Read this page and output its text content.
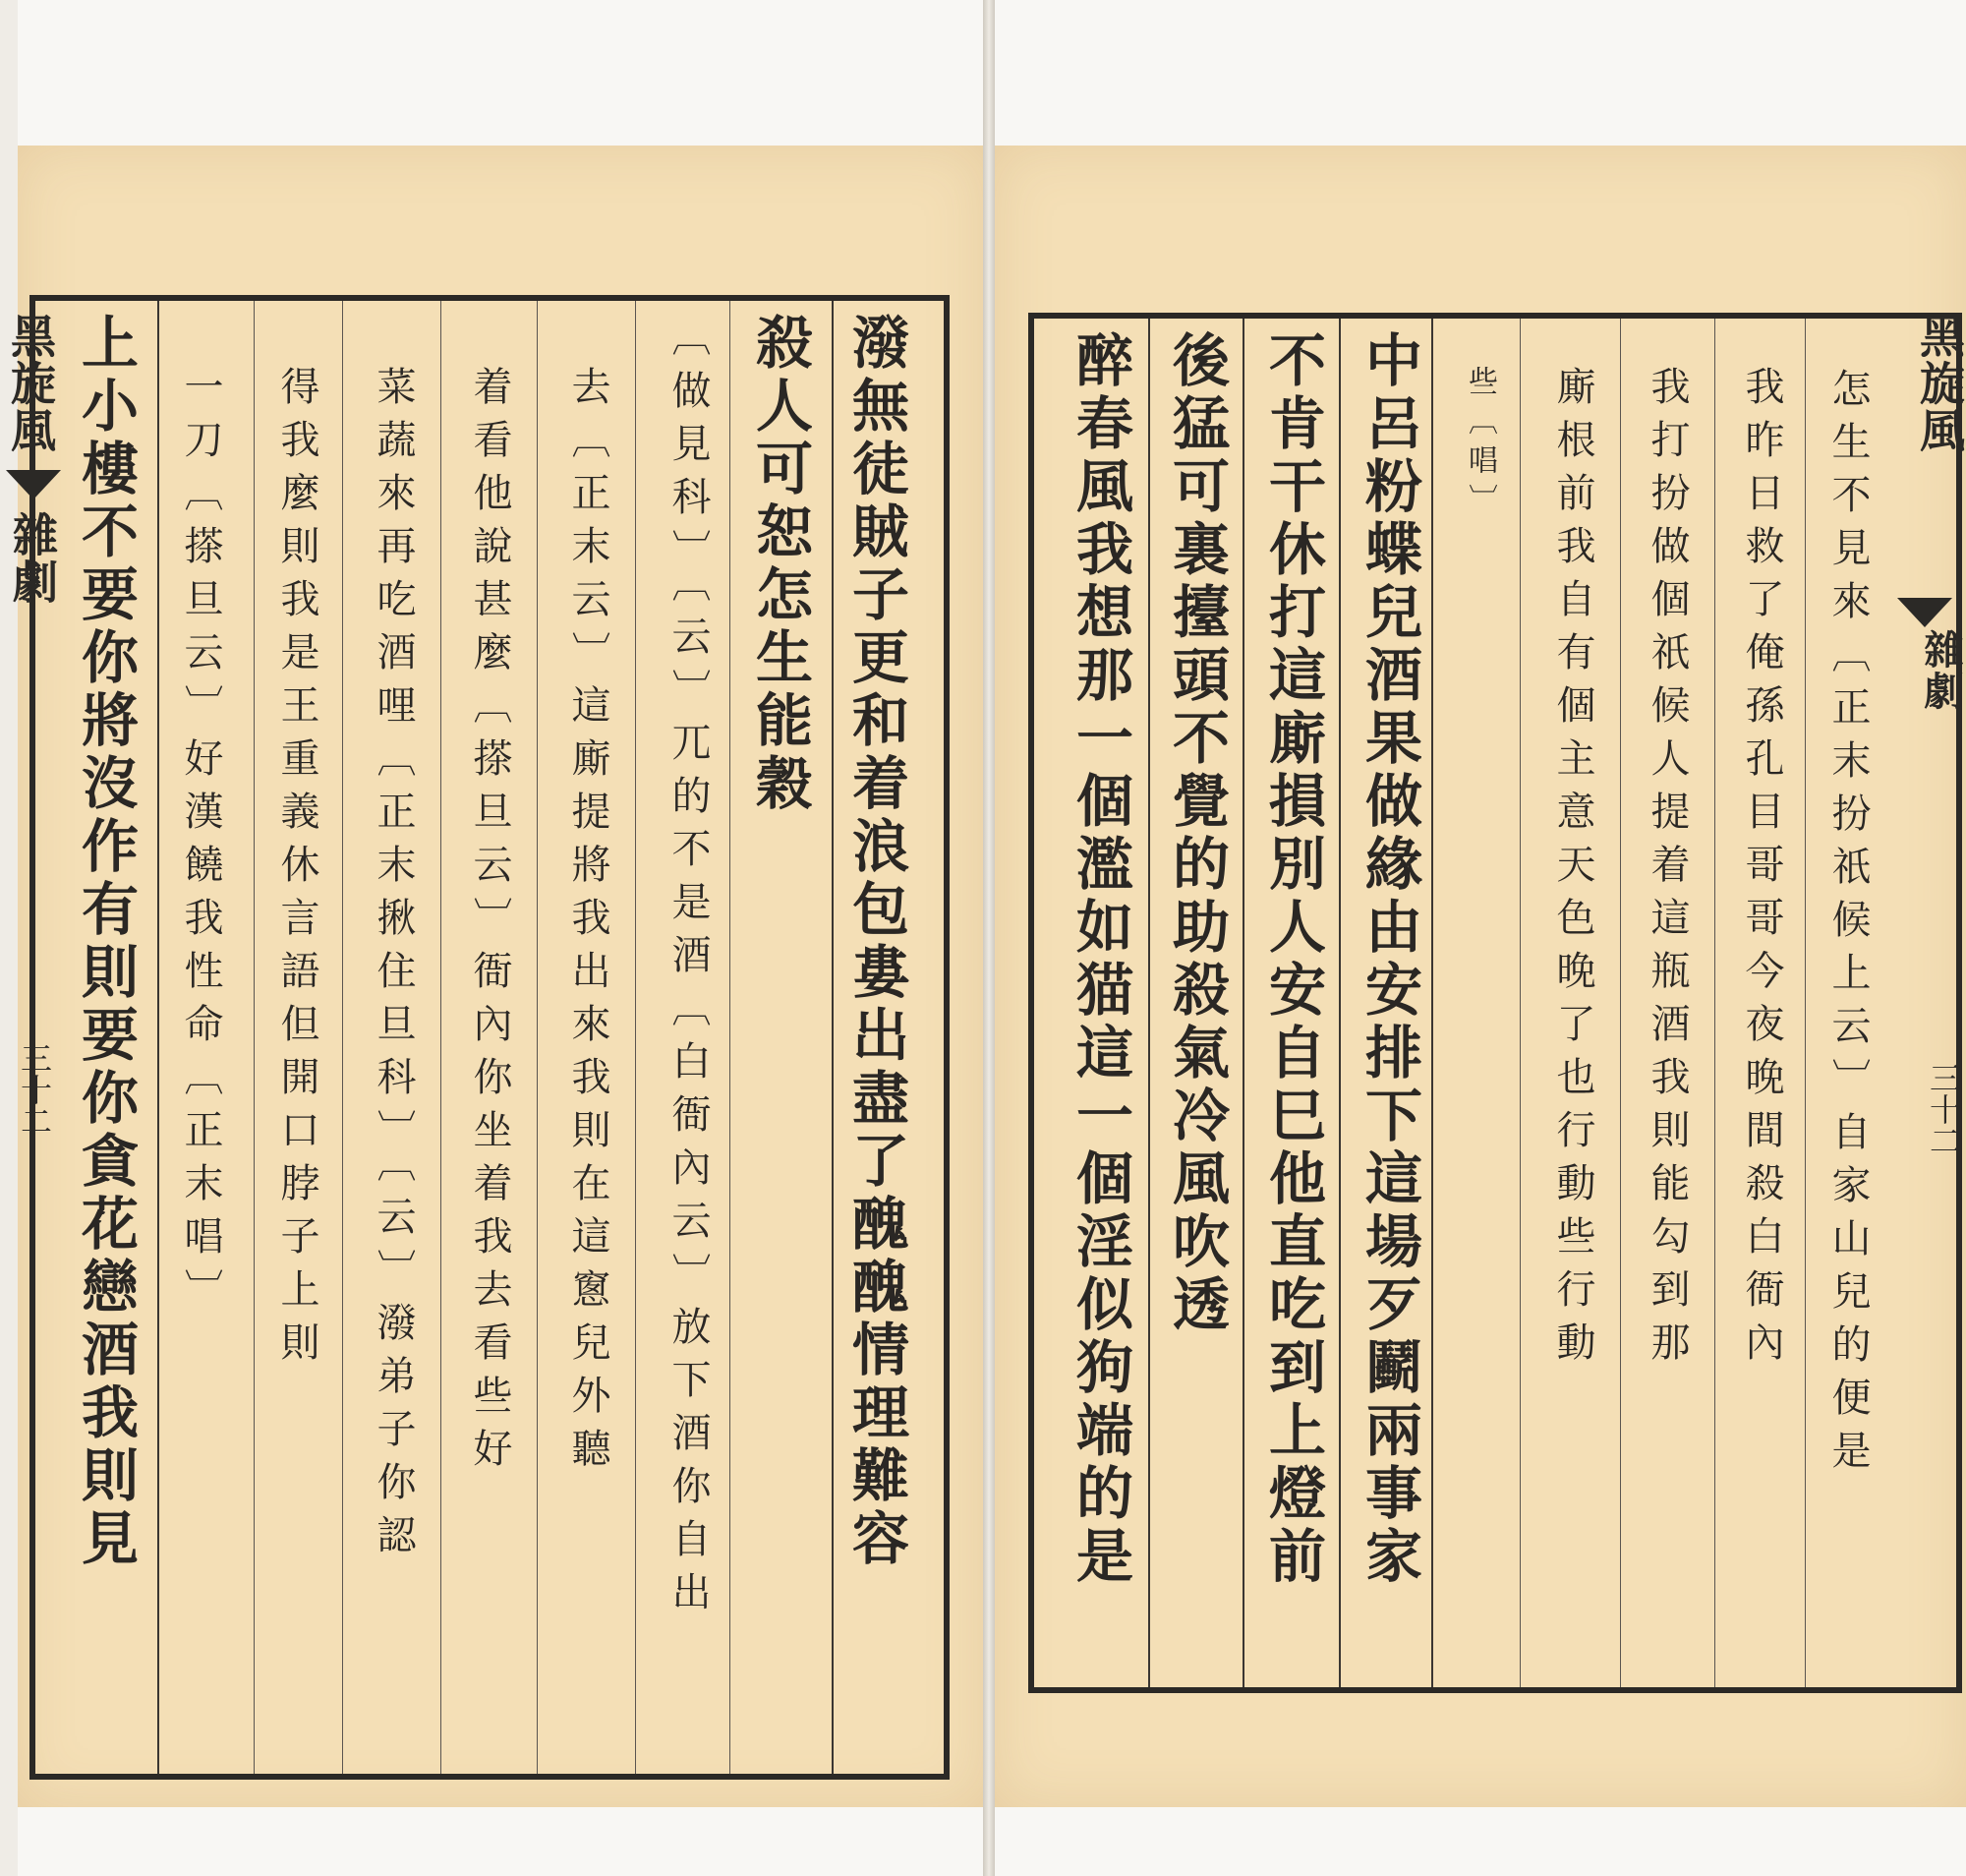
潑無徒賊子更和着浪包婁出盡了醜醜情理難容
殺人可恕怎生能穀
〔做見科〕〔云〕兀的不是酒〔白衙內云〕放下酒你自出
去〔正末云〕這廝提將我出來我則在這窻兒外聽
着看他說甚麼〔搽旦云〕衙內你坐着我去看些好
菜蔬來再吃酒哩〔正末揪住旦科〕〔云〕潑弟子你認
得我麼則我是王重義休言語但開口脖子上則
一刀〔搽旦云〕好漢饒我性命〔正末唱〕
上小樓不要你將沒作有則要你貪花戀酒我則見
黑旋風
雜劇
三十二	怎生不見來〔正末扮祇候上云〕自家山兒的便是
我昨日救了俺孫孔目哥哥今夜晚間殺白衙內
我打扮做個祇候人提着這瓶酒我則能勾到那
廝根前我自有個主意天色晚了也行動些行動
些〔唱〕
中呂粉蝶兒酒果做緣由安排下這場歹鬬兩事家
不肯干休打這廝損別人安自巳他直吃到上燈前
後猛可裏擡頭不覺的助殺氣冷風吹透
醉春風我想那一個濫如猫這一個淫似狗端的是	黑旋風
雜劇
三十二
